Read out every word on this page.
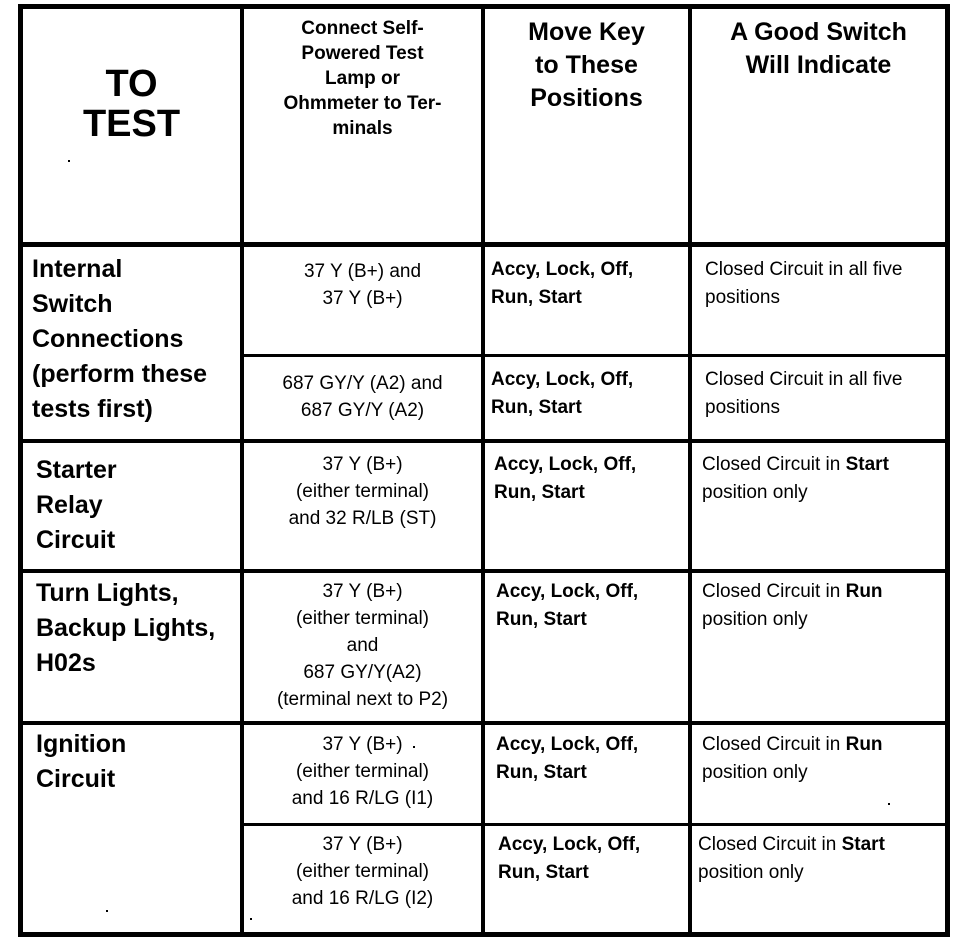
TO
TEST
Connect Self-
Powered Test
Lamp or
Ohmmeter to Ter-
minals
Move Key
to These
Positions
A Good Switch
Will Indicate
Internal
Switch
Connections
(perform these
tests first)
37 Y (B+) and
37 Y (B+)
Accy, Lock, Off,
Run, Start
Closed Circuit in all five
positions
687 GY/Y (A2) and
687 GY/Y (A2)
Accy, Lock, Off,
Run, Start
Closed Circuit in all five
positions
Starter
Relay
Circuit
37 Y (B+)
(either terminal)
and 32 R/LB (ST)
Accy, Lock, Off,
Run, Start
Closed Circuit in Start
position only
Turn Lights,
Backup Lights,
H02s
37 Y (B+)
(either terminal)
and
687 GY/Y(A2)
(terminal next to P2)
Accy, Lock, Off,
Run, Start
Closed Circuit in Run
position only
Ignition
Circuit
37 Y (B+)
(either terminal)
and 16 R/LG (I1)
Accy, Lock, Off,
Run, Start
Closed Circuit in Run
position only
37 Y (B+)
(either terminal)
and 16 R/LG (I2)
Accy, Lock, Off,
Run, Start
Closed Circuit in Start
position only
